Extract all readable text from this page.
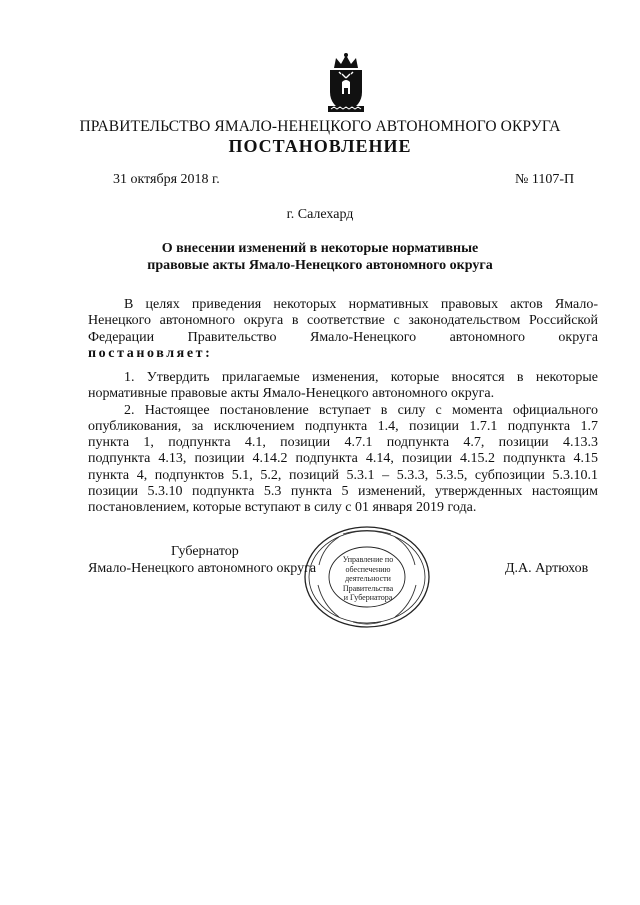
ПРАВИТЕЛЬСТВО ЯМАЛО-НЕНЕЦКОГО АВТОНОМНОГО ОКРУГА
ПОСТАНОВЛЕНИЕ
31 октября 2018 г.	№ 1107-П
г. Салехард
О внесении изменений в некоторые нормативные
правовые акты Ямало-Ненецкого автономного округа
В целях приведения некоторых нормативных правовых актов Ямало-
Ненецкого автономного округа в соответствие с законодательством Российской
Федерации Правительство Ямало-Ненецкого автономного округа
постановляет:
1. Утвердить прилагаемые изменения, которые вносятся в некоторые
нормативные правовые акты Ямало-Ненецкого автономного округа.
2. Настоящее постановление вступает в силу с момента официального
опубликования, за исключением подпункта 1.4, позиции 1.7.1 подпункта 1.7
пункта 1, подпункта 4.1, позиции 4.7.1 подпункта 4.7, позиции 4.13.3
подпункта 4.13, позиции 4.14.2 подпункта 4.14, позиции 4.15.2 подпункта 4.15
пункта 4, подпунктов 5.1, 5.2, позиций 5.3.1 – 5.3.3, 5.3.5, субпозиции 5.3.10.1
позиции 5.3.10 подпункта 5.3 пункта 5 изменений, утвержденных настоящим
постановлением, которые вступают в силу с 01 января 2019 года.
Управление по
обеспечению
деятельности
Правительства
и Губернатора
Губернатор
Ямало-Ненецкого автономного округа	Д.А. Артюхов
